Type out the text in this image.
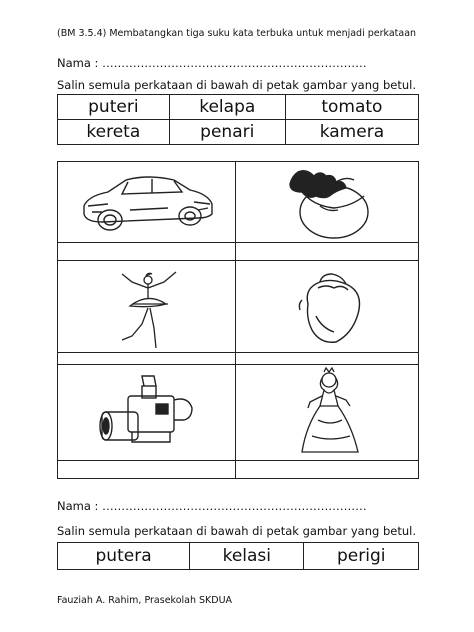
(BM 3.5.4) Membatangkan tiga suku kata terbuka untuk menjadi perkataan
Nama : ……………………………………………………………
Salin semula perkataan di bawah di petak gambar yang betul.
puteri	kelapa	tomato
kereta	penari	kamera
Nama : ……………………………………………………………
Salin semula perkataan di bawah di petak gambar yang betul.
putera	kelasi	perigi
Fauziah A. Rahim, Prasekolah SKDUA
